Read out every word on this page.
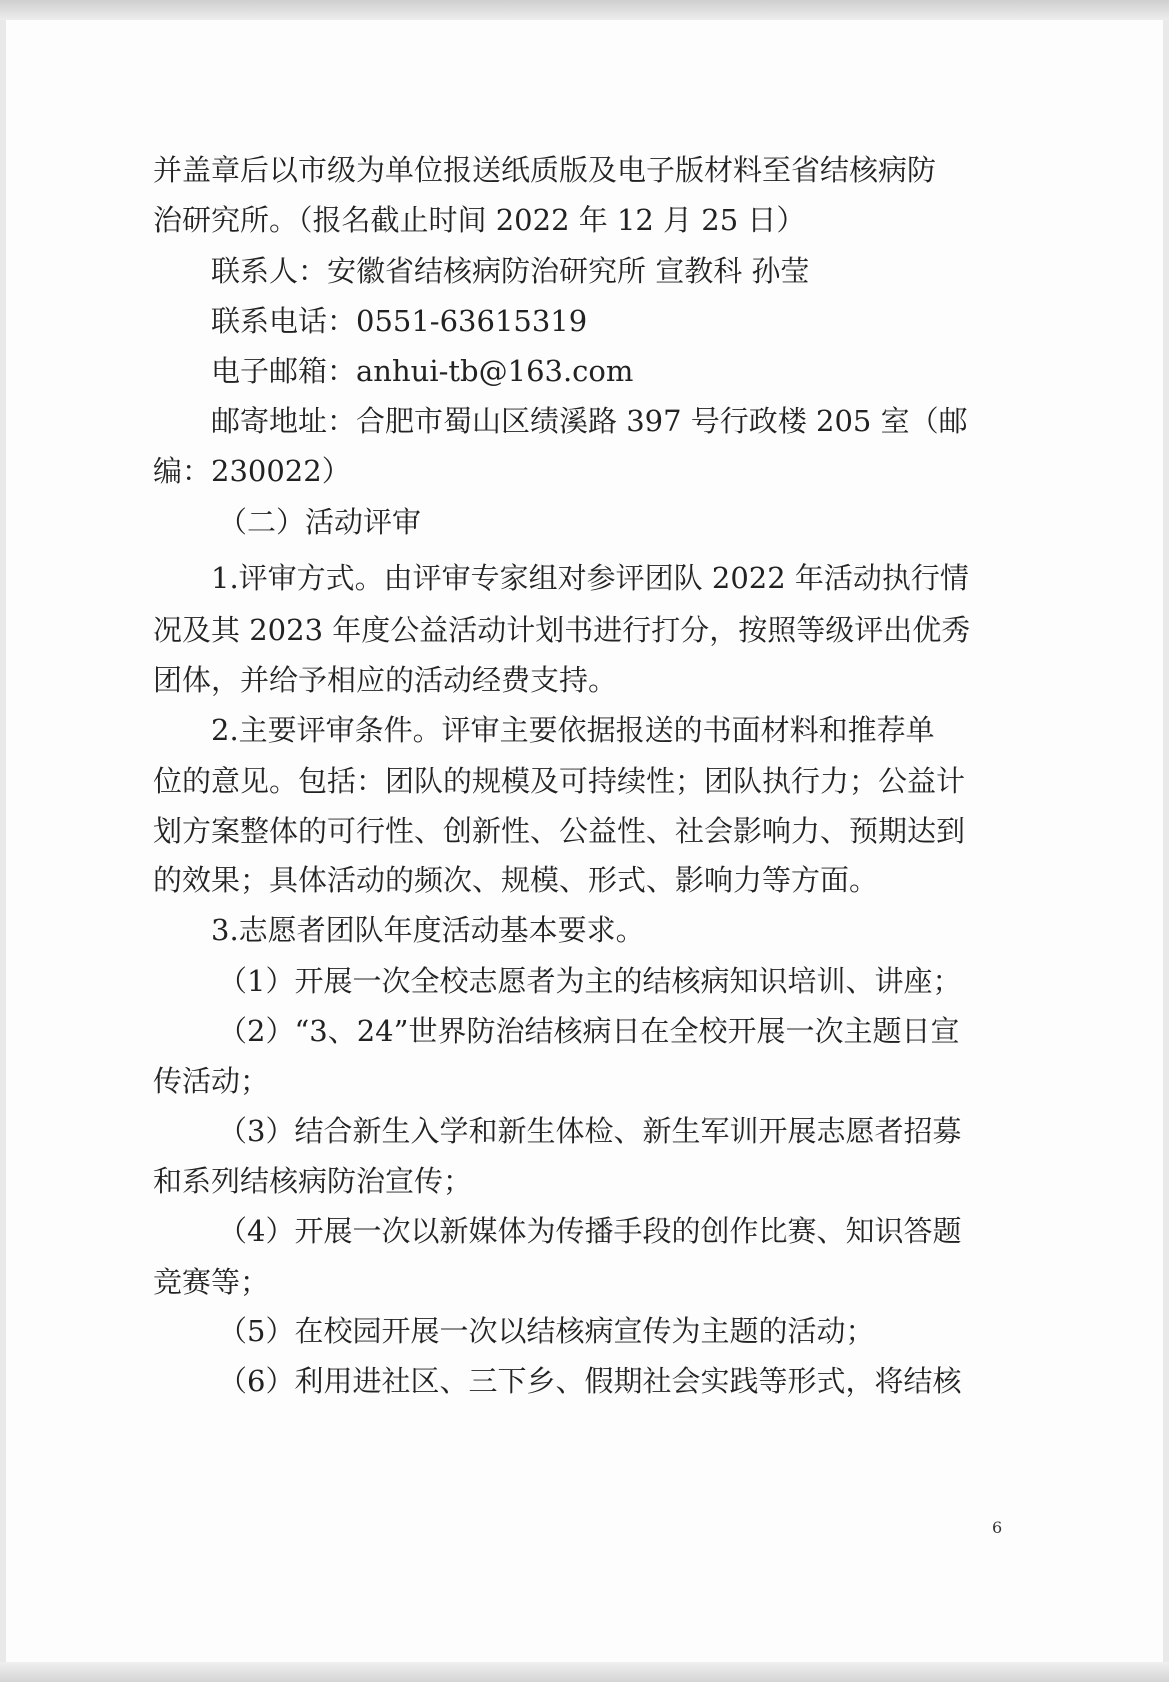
并盖章后以市级为单位报送纸质版及电子版材料至省结核病防
治研究所。（报名截止时间 2022 年 12 月 25 日）
联系人：安徽省结核病防治研究所 宣教科 孙莹
联系电话：0551-63615319
电子邮箱：anhui-tb@163.com
邮寄地址：合肥市蜀山区绩溪路 397 号行政楼 205 室（邮
编：230022）
（二）活动评审
1.评审方式。由评审专家组对参评团队 2022 年活动执行情
况及其 2023 年度公益活动计划书进行打分，按照等级评出优秀
团体，并给予相应的活动经费支持。
2.主要评审条件。评审主要依据报送的书面材料和推荐单
位的意见。包括：团队的规模及可持续性；团队执行力；公益计
划方案整体的可行性、创新性、公益性、社会影响力、预期达到
的效果；具体活动的频次、规模、形式、影响力等方面。
3.志愿者团队年度活动基本要求。
（1）开展一次全校志愿者为主的结核病知识培训、讲座；
（2）“3、24”世界防治结核病日在全校开展一次主题日宣
传活动；
（3）结合新生入学和新生体检、新生军训开展志愿者招募
和系列结核病防治宣传；
（4）开展一次以新媒体为传播手段的创作比赛、知识答题
竞赛等；
（5）在校园开展一次以结核病宣传为主题的活动；
（6）利用进社区、三下乡、假期社会实践等形式，将结核
6
